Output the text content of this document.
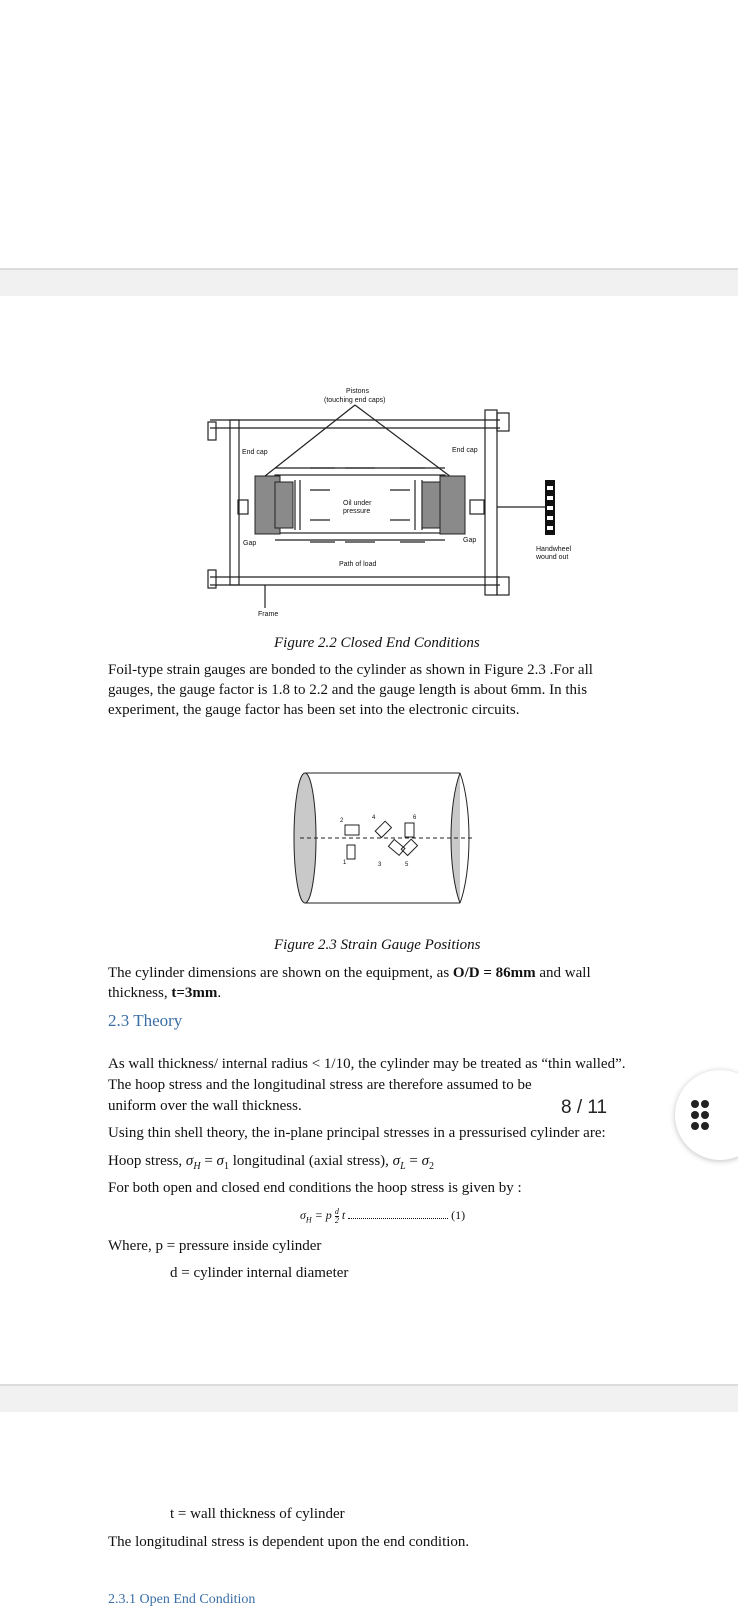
Pistons
(touching end caps)
End cap	End cap
Oil under
pressure
Gap	Gap
Path of load
Handwheel
wound out
Frame
Figure 2.2 Closed End Conditions
Foil-type strain gauges are bonded to the cylinder as shown in Figure 2.3 .For all
gauges, the gauge factor is 1.8 to 2.2 and the gauge length is about 6mm. In this
experiment, the gauge factor has been set into the electronic circuits.
2
1	3
4
5
6
Figure 2.3 Strain Gauge Positions
The cylinder dimensions are shown on the equipment, as O/D = 86mm and wall
thickness, t=3mm.
2.3 Theory
As wall thickness/ internal radius < 1/10, the cylinder may be treated as “thin walled”.
The hoop stress and the longitudinal stress are therefore assumed to be
uniform over the wall thickness.
Using thin shell theory, the in-plane principal stresses in a pressurised cylinder are:
Hoop stress, $\sigma_H = \sigma_1$ longitudinal (axial stress), $\sigma_L = \sigma_2$
For both open and closed end conditions the hoop stress is given by :
$\sigma_H = p \frac{d}{2}$ t	(1)
Where, p = pressure inside cylinder
d = cylinder internal diameter
t = wall thickness of cylinder
The longitudinal stress is dependent upon the end condition.
2.3.1 Open End Condition
8 / 11
